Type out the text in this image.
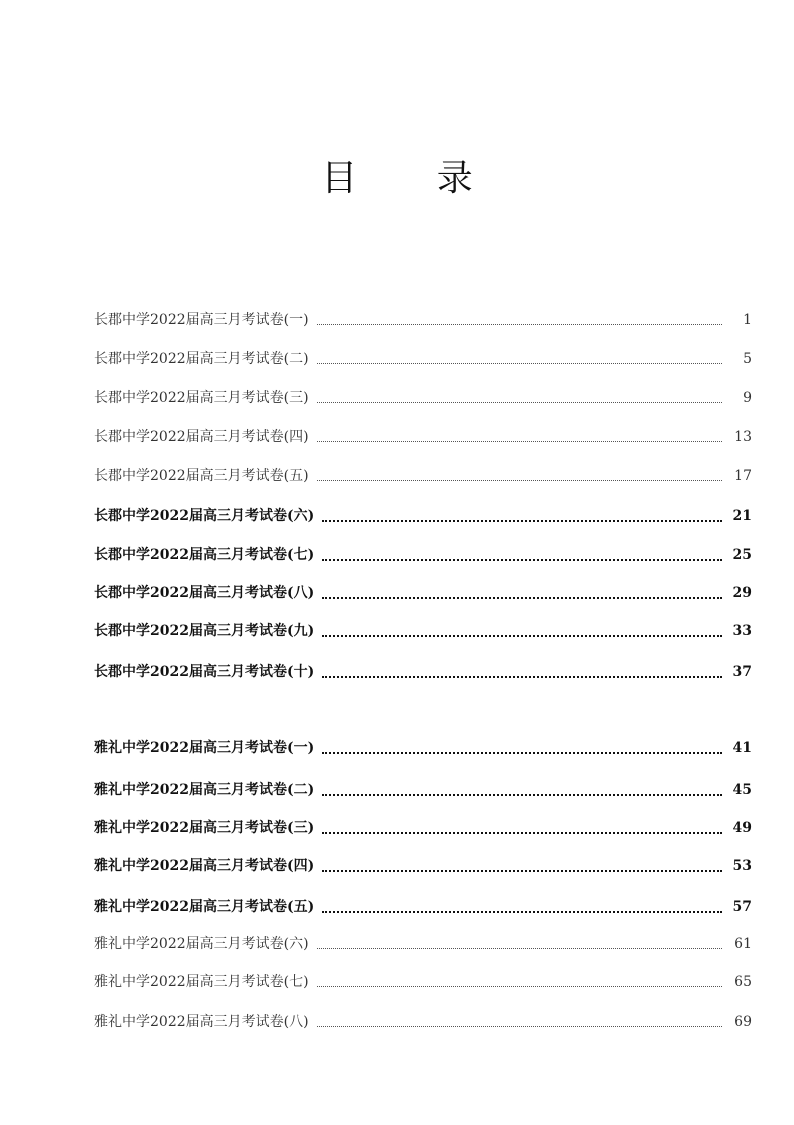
目 录
长郡中学2022届高三月考试卷(一)	1
长郡中学2022届高三月考试卷(二)	5
长郡中学2022届高三月考试卷(三)	9
长郡中学2022届高三月考试卷(四)	13
长郡中学2022届高三月考试卷(五)	17
长郡中学2022届高三月考试卷(六)	21
长郡中学2022届高三月考试卷(七)	25
长郡中学2022届高三月考试卷(八)	29
长郡中学2022届高三月考试卷(九)	33
长郡中学2022届高三月考试卷(十)	37
雅礼中学2022届高三月考试卷(一)	41
雅礼中学2022届高三月考试卷(二)	45
雅礼中学2022届高三月考试卷(三)	49
雅礼中学2022届高三月考试卷(四)	53
雅礼中学2022届高三月考试卷(五)	57
雅礼中学2022届高三月考试卷(六)	61
雅礼中学2022届高三月考试卷(七)	65
雅礼中学2022届高三月考试卷(八)	69
